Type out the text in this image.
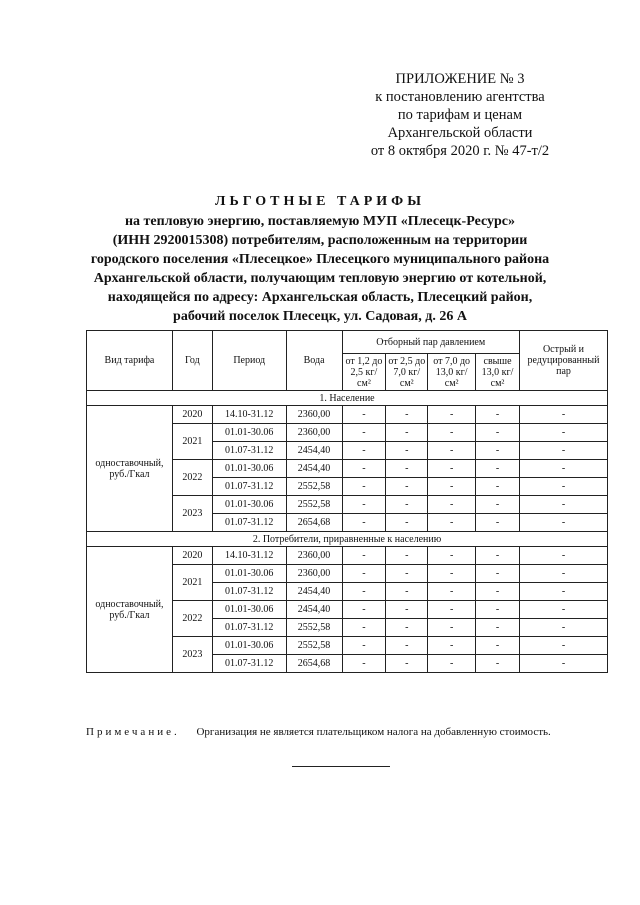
ПРИЛОЖЕНИЕ № 3
к постановлению агентства
по тарифам и ценам
Архангельской области
от 8 октября 2020 г. № 47-т/2
ЛЬГОТНЫЕ ТАРИФЫ
на тепловую энергию, поставляемую МУП «Плесецк-Ресурс»
(ИНН 2920015308) потребителям, расположенным на территории
городского поселения «Плесецкое» Плесецкого муниципального района
Архангельской области, получающим тепловую энергию от котельной,
находящейся по адресу: Архангельская область, Плесецкий район,
рабочий поселок Плесецк, ул. Садовая, д. 26 А
Вид тарифа	Год	Период	Вода	Отборный пар давлением				Острый и редуцированный пар
				от 1,2 до 2,5 кг/см²	от 2,5 до 7,0 кг/см²	от 7,0 до 13,0 кг/см²	свыше 13,0 кг/см²	
1. Население								
одноставочный, руб./Гкал	2020	14.10-31.12	2360,00	-	-	-	-	-
	2021	01.01-30.06	2360,00	-	-	-	-	-
		01.07-31.12	2454,40	-	-	-	-	-
	2022	01.01-30.06	2454,40	-	-	-	-	-
		01.07-31.12	2552,58	-	-	-	-	-
	2023	01.01-30.06	2552,58	-	-	-	-	-
		01.07-31.12	2654,68	-	-	-	-	-
2. Потребители, приравненные к населению								
одноставочный, руб./Гкал	2020	14.10-31.12	2360,00	-	-	-	-	-
	2021	01.01-30.06	2360,00	-	-	-	-	-
		01.07-31.12	2454,40	-	-	-	-	-
	2022	01.01-30.06	2454,40	-	-	-	-	-
		01.07-31.12	2552,58	-	-	-	-	-
	2023	01.01-30.06	2552,58	-	-	-	-	-
		01.07-31.12	2654,68	-	-	-	-	-
Примечание. Организация не является плательщиком налога на добавленную стоимость.
